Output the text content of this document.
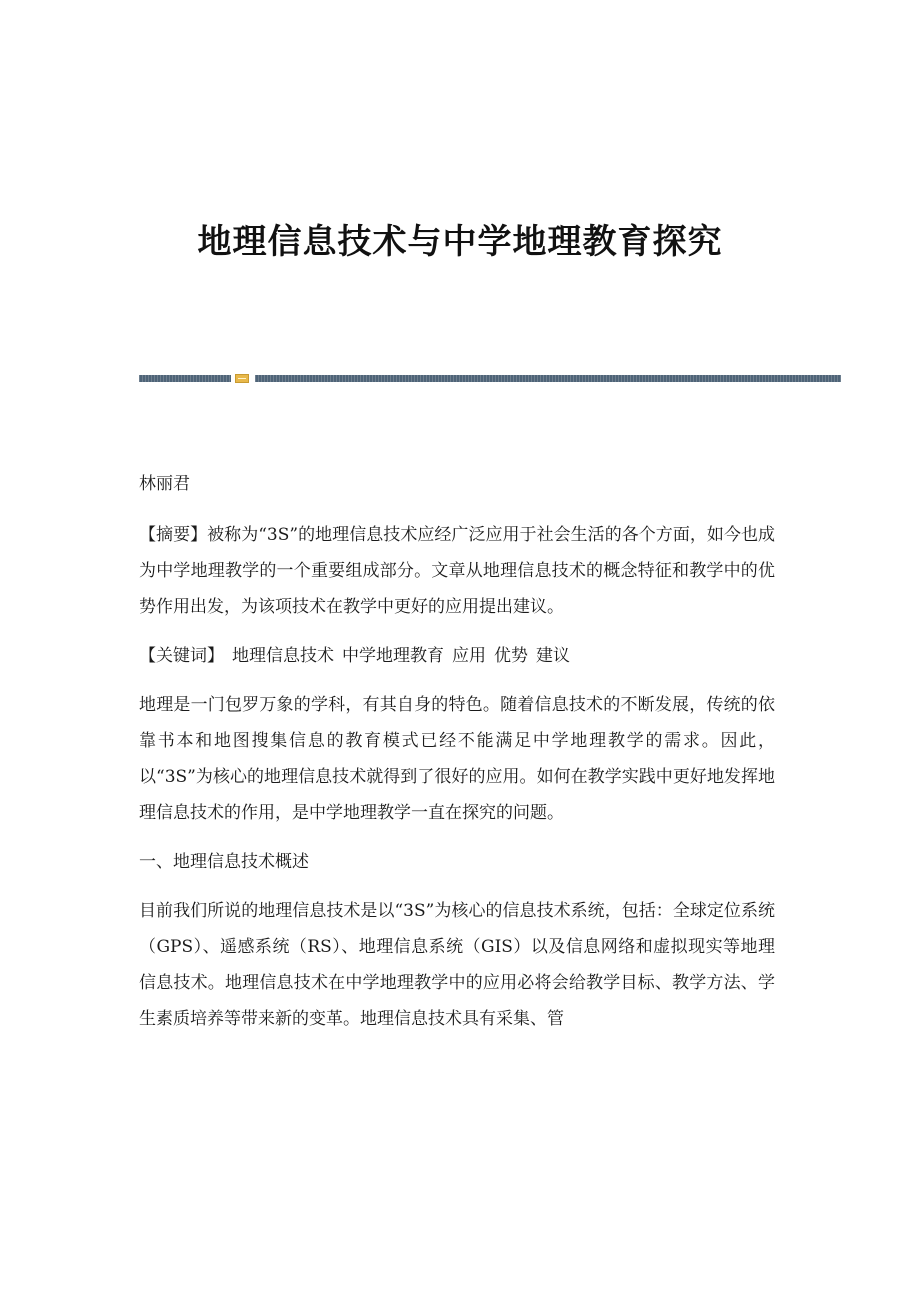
地理信息技术与中学地理教育探究

林丽君

【摘要】被称为“3S”的地理信息技术应经广泛应用于社会生活的各个方面，如今也成为中学地理教学的一个重要组成部分。文章从地理信息技术的概念特征和教学中的优势作用出发，为该项技术在教学中更好的应用提出建议。

【关键词】 地理信息技术 中学地理教育 应用 优势 建议

地理是一门包罗万象的学科，有其自身的特色。随着信息技术的不断发展，传统的依靠书本和地图搜集信息的教育模式已经不能满足中学地理教学的需求。因此，以“3S”为核心的地理信息技术就得到了很好的应用。如何在教学实践中更好地发挥地理信息技术的作用，是中学地理教学一直在探究的问题。

一、地理信息技术概述

目前我们所说的地理信息技术是以“3S”为核心的信息技术系统，包括：全球定位系统（GPS）、遥感系统（RS）、地理信息系统（GIS）以及信息网络和虚拟现实等地理信息技术。地理信息技术在中学地理教学中的应用必将会给教学目标、教学方法、学生素质培养等带来新的变革。地理信息技术具有采集、管
